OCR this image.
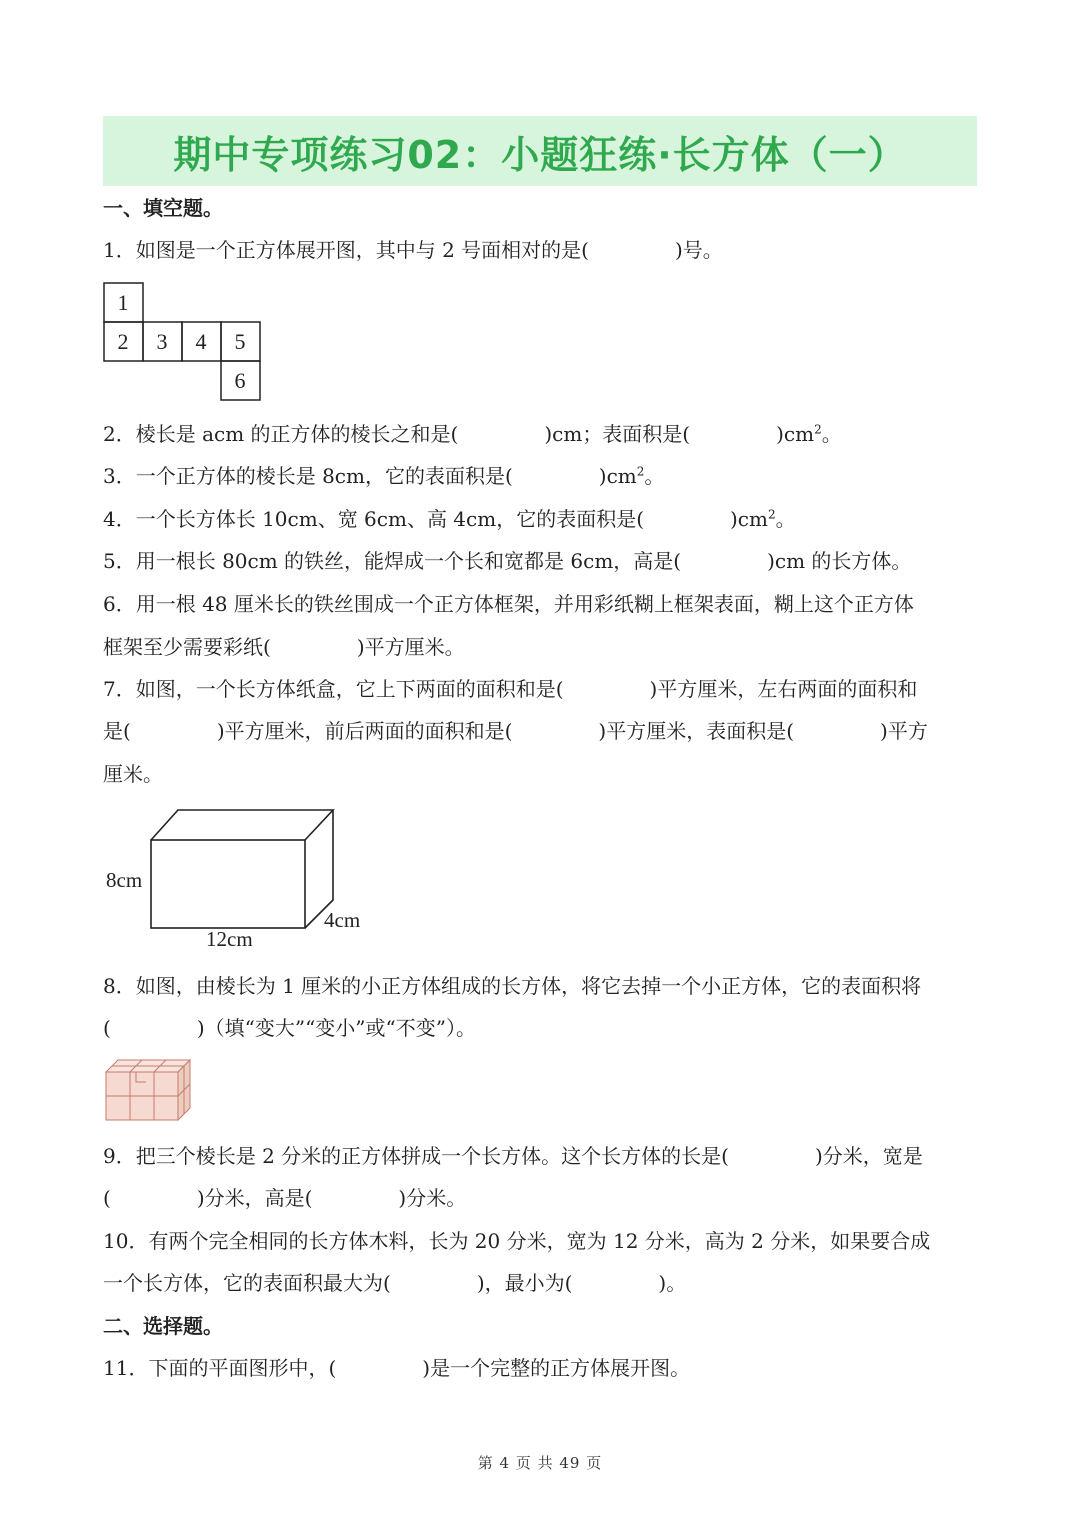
期中专项练习02：小题狂练·长方体（一）
一、填空题。
1．如图是一个正方体展开图，其中与 2 号面相对的是(	)号。
1
2 3 4 5
6
2．棱长是 acm 的正方体的棱长之和是(	)cm；表面积是(	)$cm^2$。
3．一个正方体的棱长是 8cm，它的表面积是(	)$cm^2$。
4．一个长方体长 10cm、宽 6cm、高 4cm，它的表面积是(	)$cm^2$。
5．用一根长 80cm 的铁丝，能焊成一个长和宽都是 6cm，高是(	)cm 的长方体。
6．用一根 48 厘米长的铁丝围成一个正方体框架，并用彩纸糊上框架表面，糊上这个正方体
框架至少需要彩纸(	)平方厘米。
7．如图，一个长方体纸盒，它上下两面的面积和是(	)平方厘米，左右两面的面积和
是(	)平方厘米，前后两面的面积和是(	)平方厘米，表面积是(	)平方
厘米。
8cm
12cm
4cm
8．如图，由棱长为 1 厘米的小正方体组成的长方体，将它去掉一个小正方体，它的表面积将
(	)（填“变大”“变小”或“不变”）。
9．把三个棱长是 2 分米的正方体拼成一个长方体。这个长方体的长是(	)分米，宽是
(	)分米，高是(	)分米。
10．有两个完全相同的长方体木料，长为 20 分米，宽为 12 分米，高为 2 分米，如果要合成
一个长方体，它的表面积最大为(	)，最小为(	)。
二、选择题。
11．下面的平面图形中，(	)是一个完整的正方体展开图。
第 4 页 共 49 页
